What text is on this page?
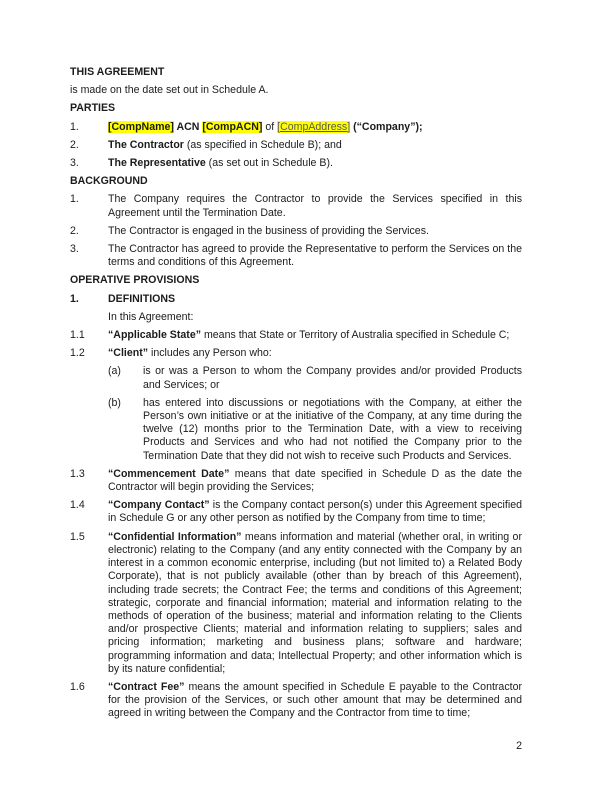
THIS AGREEMENT

is made on the date set out in Schedule A.

PARTIES

1.	[CompName] ACN [CompACN] of [CompAddress] (“Company”);
2.	The Contractor (as specified in Schedule B); and
3.	The Representative (as set out in Schedule B).

BACKGROUND

1.	The Company requires the Contractor to provide the Services specified in this Agreement until the Termination Date.
2.	The Contractor is engaged in the business of providing the Services.
3.	The Contractor has agreed to provide the Representative to perform the Services on the terms and conditions of this Agreement.

OPERATIVE PROVISIONS

1.	DEFINITIONS

In this Agreement:

1.1	“Applicable State” means that State or Territory of Australia specified in Schedule C;
1.2	“Client” includes any Person who:
(a)	is or was a Person to whom the Company provides and/or provided Products and Services; or
(b)	has entered into discussions or negotiations with the Company, at either the Person’s own initiative or at the initiative of the Company, at any time during the twelve (12) months prior to the Termination Date, with a view to receiving Products and Services and who had not notified the Company prior to the Termination Date that they did not wish to receive such Products and Services.
1.3	“Commencement Date” means that date specified in Schedule D as the date the Contractor will begin providing the Services;
1.4	“Company Contact” is the Company contact person(s) under this Agreement specified in Schedule G or any other person as notified by the Company from time to time;
1.5	“Confidential Information” means information and material (whether oral, in writing or electronic) relating to the Company (and any entity connected with the Company by an interest in a common economic enterprise, including (but not limited to) a Related Body Corporate), that is not publicly available (other than by breach of this Agreement), including trade secrets; the Contract Fee; the terms and conditions of this Agreement; strategic, corporate and financial information; material and information relating to the methods of operation of the business; material and information relating to the Clients and/or prospective Clients; material and information relating to suppliers; sales and pricing information; marketing and business plans; software and hardware; programming information and data; Intellectual Property; and other information which is by its nature confidential;
1.6	“Contract Fee” means the amount specified in Schedule E payable to the Contractor for the provision of the Services, or such other amount that may be determined and agreed in writing between the Company and the Contractor from time to time;
2
